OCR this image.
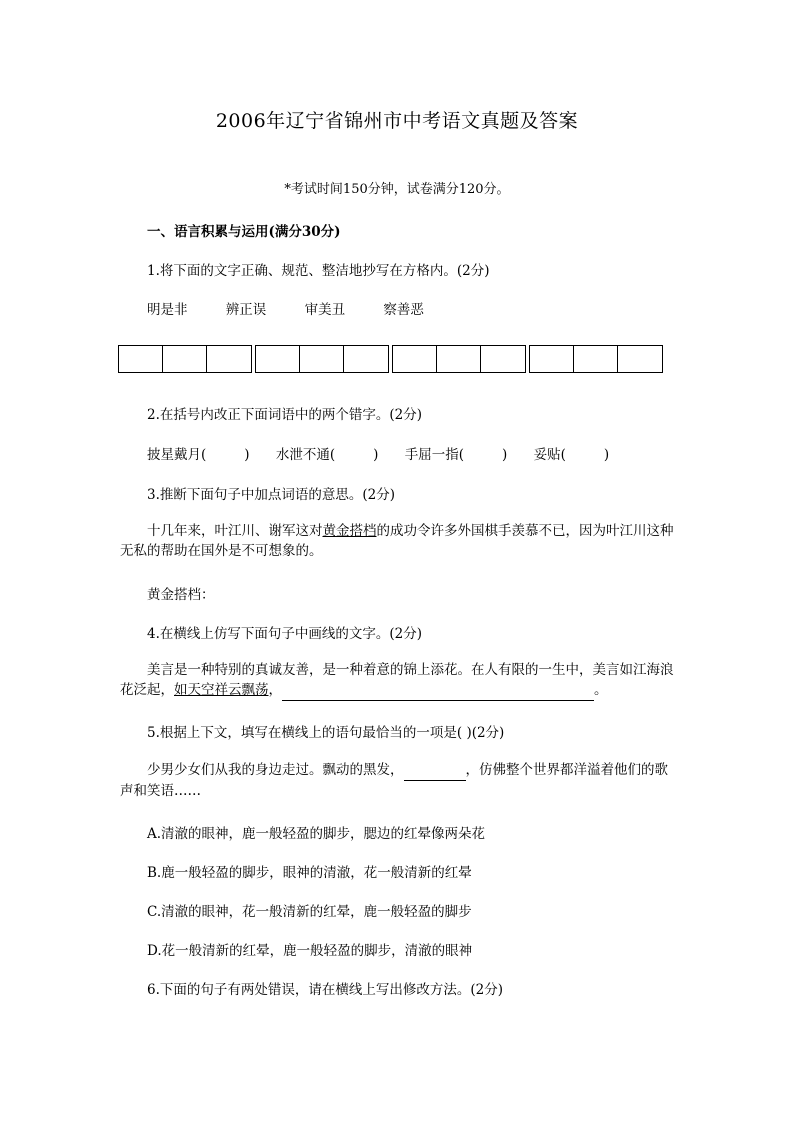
2006年辽宁省锦州市中考语文真题及答案
*考试时间150分钟，试卷满分120分。
一、语言积累与运用(满分30分)
1.将下面的文字正确、规范、整洁地抄写在方格内。(2分)
明是非	辨正误	审美丑	察善恶
2.在括号内改正下面词语中的两个错字。(2分)
披星戴月(	) 水泄不通(	) 手屈一指(	) 妥贴(	)
3.推断下面句子中加点词语的意思。(2分)
十几年来，叶江川、谢军这对黄金搭档的成功令许多外国棋手羡慕不已，因为叶江川这种无私的帮助在国外是不可想象的。
黄金搭档：
4.在横线上仿写下面句子中画线的文字。(2分)
美言是一种特别的真诚友善，是一种着意的锦上添花。在人有限的一生中，美言如江海浪花泛起，如天空祥云飘荡，	。
5.根据上下文，填写在横线上的语句最恰当的一项是( )(2分)
少男少女们从我的身边走过。飘动的黑发，	，仿佛整个世界都洋溢着他们的歌声和笑语……
A.清澈的眼神，鹿一般轻盈的脚步，腮边的红晕像两朵花
B.鹿一般轻盈的脚步，眼神的清澈，花一般清新的红晕
C.清澈的眼神，花一般清新的红晕，鹿一般轻盈的脚步
D.花一般清新的红晕，鹿一般轻盈的脚步，清澈的眼神
6.下面的句子有两处错误，请在横线上写出修改方法。(2分)
